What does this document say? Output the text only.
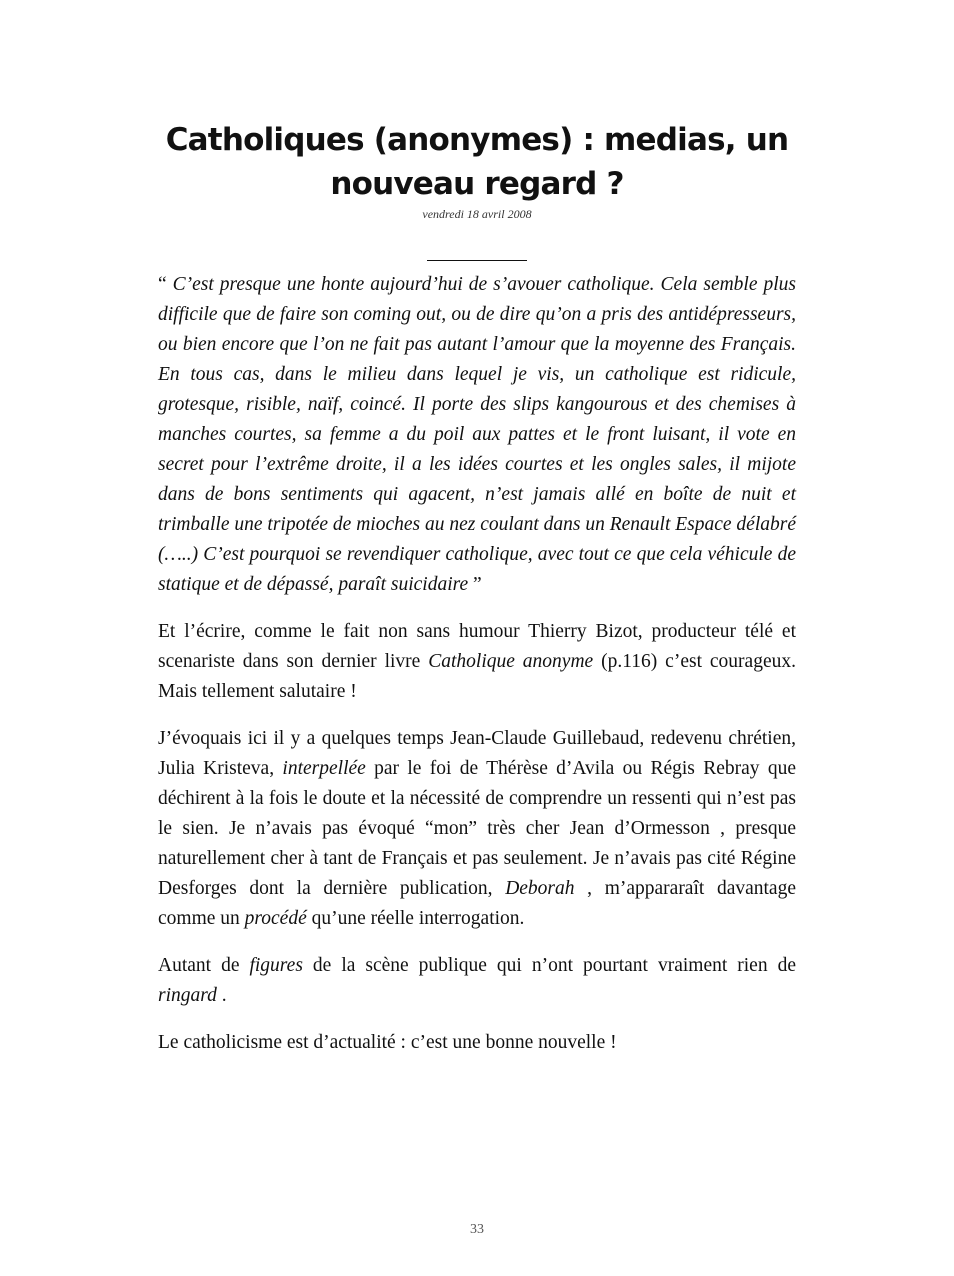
Catholiques (anonymes) : medias, un nouveau regard ?
vendredi 18 avril 2008

“ C’est presque une honte aujourd’hui de s’avouer catholique. Cela semble plus difficile que de faire son coming out, ou de dire qu’on a pris des antidépresseurs, ou bien encore que l’on ne fait pas autant l’amour que la moyenne des Français. En tous cas, dans le milieu dans lequel je vis, un catholique est ridicule, grotesque, risible, naïf, coincé. Il porte des slips kangourous et des chemises à manches courtes, sa femme a du poil aux pattes et le front luisant, il vote en secret pour l’extrême droite, il a les idées courtes et les ongles sales, il mijote dans de bons sentiments qui agacent, n’est jamais allé en boîte de nuit et trimballe une tripotée de mioches au nez coulant dans un Renault Espace délabré (…..) C’est pourquoi se revendiquer catholique, avec tout ce que cela véhicule de statique et de dépassé, paraît suicidaire ”

Et l’écrire, comme le fait non sans humour Thierry Bizot, producteur télé et scenariste dans son dernier livre Catholique anonyme (p.116) c’est courageux. Mais tellement salutaire !

J’évoquais ici il y a quelques temps Jean-Claude Guillebaud, redevenu chrétien, Julia Kristeva, interpellée par le foi de Thérèse d’Avila ou Régis Rebray que déchirent à la fois le doute et la nécessité de comprendre un ressenti qui n’est pas le sien. Je n’avais pas évoqué “mon” très cher Jean d’Ormesson , presque naturellement cher à tant de Français et pas seulement. Je n’avais pas cité Régine Desforges dont la dernière publication, Deborah , m’appararaît davantage comme un procédé qu’une réelle interrogation.

Autant de figures de la scène publique qui n’ont pourtant vraiment rien de ringard .

Le catholicisme est d’actualité : c’est une bonne nouvelle !

33
